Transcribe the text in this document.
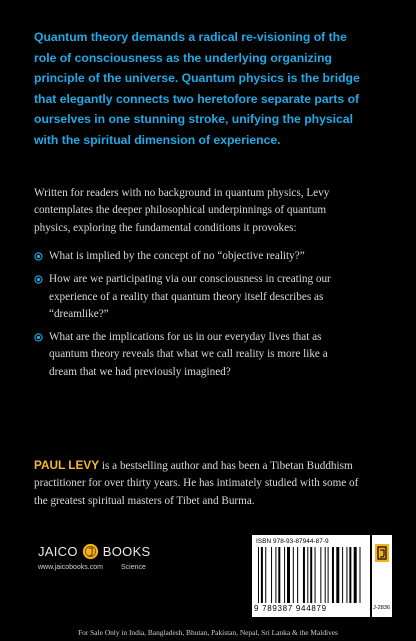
Quantum theory demands a radical re-visioning of the
role of consciousness as the underlying organizing
principle of the universe. Quantum physics is the bridge
that elegantly connects two heretofore separate parts of
ourselves in one stunning stroke, unifying the physical
with the spiritual dimension of experience.
Written for readers with no background in quantum physics, Levy
contemplates the deeper philosophical underpinnings of quantum
physics, exploring the fundamental conditions it provokes:
What is implied by the concept of no “objective reality?”
How are we participating via our consciousness in creating our
experience of a reality that quantum theory itself describes as
“dreamlike?”
What are the implications for us in our everyday lives that as
quantum theory reveals that what we call reality is more like a
dream that we had previously imagined?
PAUL LEVY is a bestselling author and has been a Tibetan Buddhism
practitioner for over thirty years. He has intimately studied with some of
the greatest spiritual masters of Tibet and Burma.
JAICO BOOKS
www.jaicobooks.com	Science
ISBN 978-93-87944-87-9
9 789387 944879	J-2836
For Sale Only in India, Bangladesh, Bhutan, Pakistan, Nepal, Sri Lanka & the Maldives
